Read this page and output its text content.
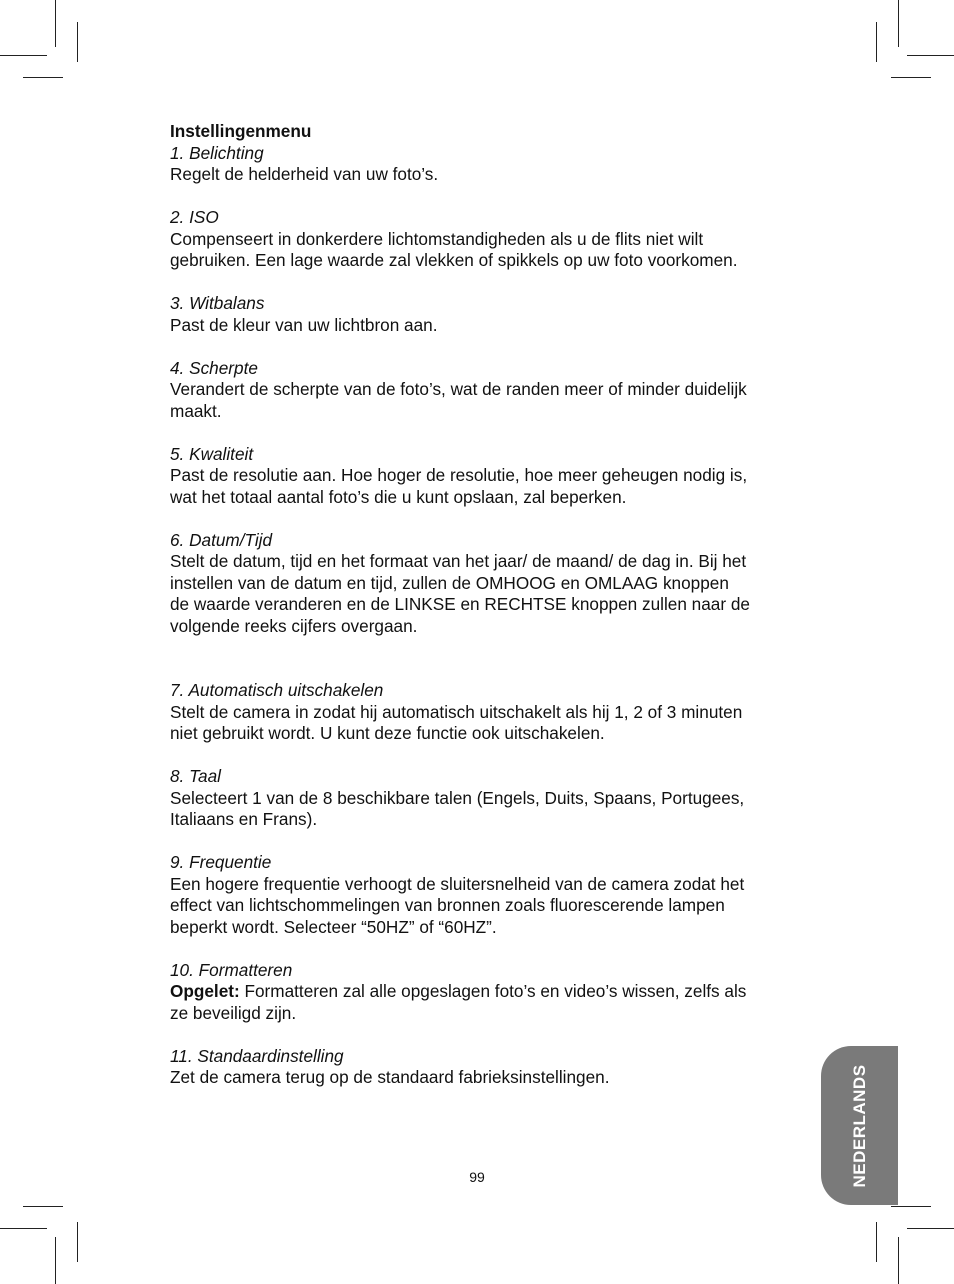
Instellingenmenu
1. Belichting
Regelt de helderheid van uw foto’s.
2. ISO
Compenseert in donkerdere lichtomstandigheden als u de flits niet wilt
gebruiken. Een lage waarde zal vlekken of spikkels op uw foto voorkomen.
3. Witbalans
Past de kleur van uw lichtbron aan.
4. Scherpte
Verandert de scherpte van de foto’s, wat de randen meer of minder duidelijk
maakt.
5. Kwaliteit
Past de resolutie aan. Hoe hoger de resolutie, hoe meer geheugen nodig is,
wat het totaal aantal foto’s die u kunt opslaan, zal beperken.
6. Datum/Tijd
Stelt de datum, tijd en het formaat van het jaar/ de maand/ de dag in. Bij het
instellen van de datum en tijd, zullen de OMHOOG en OMLAAG knoppen
de waarde veranderen en de LINKSE en RECHTSE knoppen zullen naar de
volgende reeks cijfers overgaan.
7. Automatisch uitschakelen
Stelt de camera in zodat hij automatisch uitschakelt als hij 1, 2 of 3 minuten
niet gebruikt wordt. U kunt deze functie ook uitschakelen.
8. Taal
Selecteert 1 van de 8 beschikbare talen (Engels, Duits, Spaans, Portugees,
Italiaans en Frans).
9. Frequentie
Een hogere frequentie verhoogt de sluitersnelheid van de camera zodat het
effect van lichtschommelingen van bronnen zoals fluorescerende lampen
beperkt wordt. Selecteer “50HZ” of “60HZ”.
10. Formatteren
Opgelet: Formatteren zal alle opgeslagen foto’s en video’s wissen, zelfs als
ze beveiligd zijn.
11. Standaardinstelling
Zet de camera terug op de standaard fabrieksinstellingen.
99	NEDERLANDS
